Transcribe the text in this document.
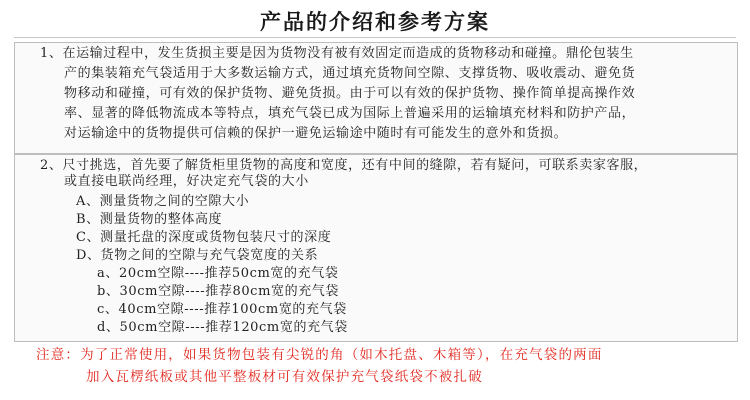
产品的介绍和参考方案

1、在运输过程中，发生货损主要是因为货物没有被有效固定而造成的货物移动和碰撞。鼎伦包装生

产的集装箱充气袋适用于大多数运输方式，通过填充货物间空隙、支撑货物、吸收震动、避免货

物移动和碰撞，可有效的保护货物、避免货损。由于可以有效的保护货物、操作简单提高操作效

率、显著的降低物流成本等特点，填充气袋已成为国际上普遍采用的运输填充材料和防护产品，

对运输途中的货物提供可信赖的保护一避免运输途中随时有可能发生的意外和货损。

2、尺寸挑选，首先要了解货柜里货物的高度和宽度，还有中间的缝隙，若有疑问，可联系卖家客服，

或直接电联尚经理，好决定充气袋的大小

A、测量货物之间的空隙大小

B、测量货物的整体高度

C、测量托盘的深度或货物包装尺寸的深度

D、货物之间的空隙与充气袋宽度的关系

a、20cm空隙----推荐50cm宽的充气袋

b、30cm空隙----推荐80cm宽的充气袋

c、40cm空隙----推荐100cm宽的充气袋

d、50cm空隙----推荐120cm宽的充气袋

注意：为了正常使用，如果货物包装有尖锐的角（如木托盘、木箱等），在充气袋的两面

加入瓦楞纸板或其他平整板材可有效保护充气袋纸袋不被扎破
